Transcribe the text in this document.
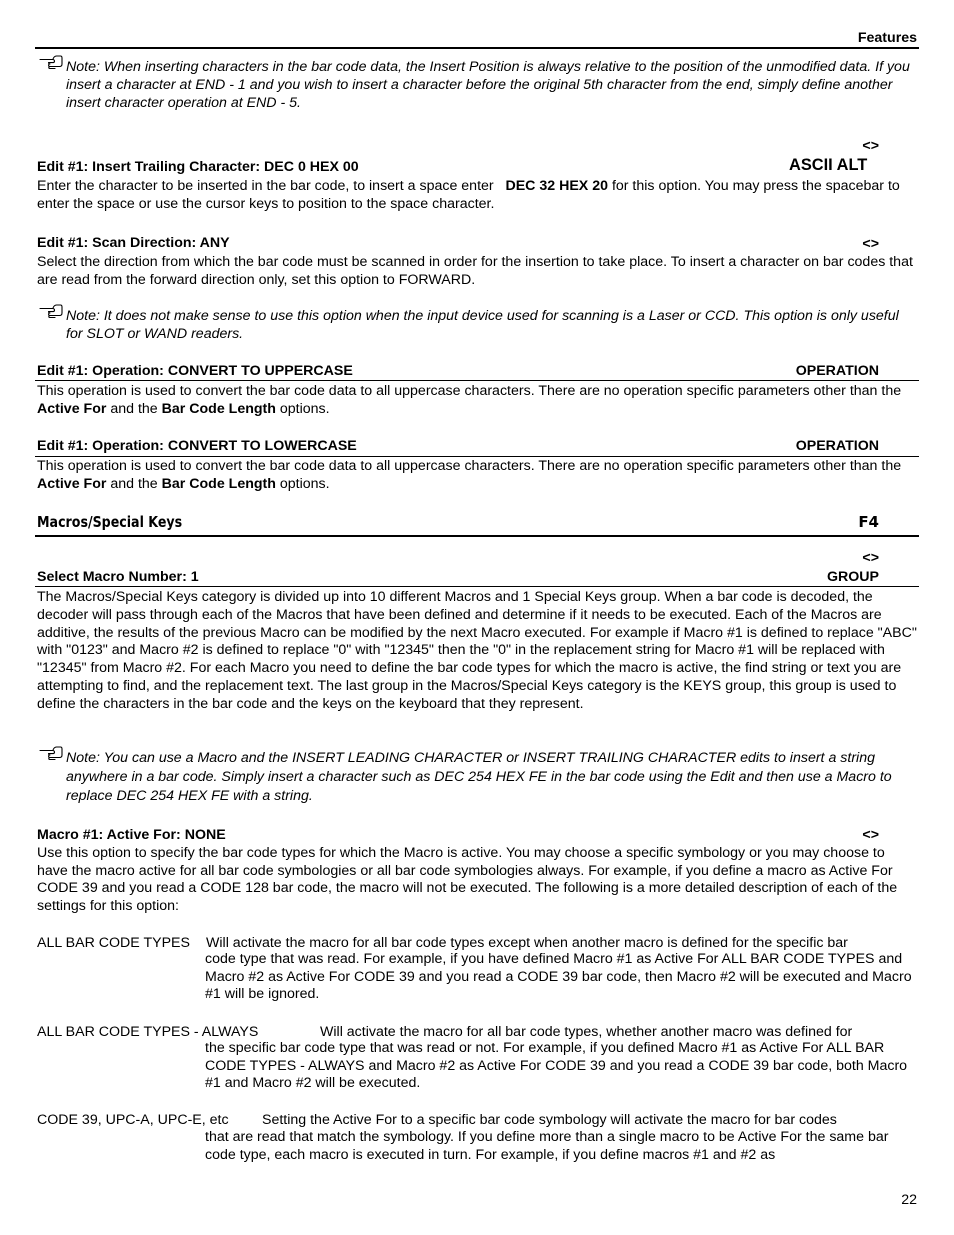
Features
Note: When inserting characters in the bar code data, the Insert Position is always relative to the position of the unmodified data. If you insert a character at END - 1 and you wish to insert a character before the original 5th character from the end, simply define another insert character operation at END - 5.
<>
Edit #1: Insert Trailing Character: DEC 0 HEX 00	ASCII ALT
Enter the character to be inserted in the bar code, to insert a space enter DEC 32 HEX 20 for this option. You may press the spacebar to enter the space or use the cursor keys to position to the space character.
Edit #1: Scan Direction: ANY	<>
Select the direction from which the bar code must be scanned in order for the insertion to take place. To insert a character on bar codes that are read from the forward direction only, set this option to FORWARD.
Note: It does not make sense to use this option when the input device used for scanning is a Laser or CCD. This option is only useful for SLOT or WAND readers.
Edit #1: Operation: CONVERT TO UPPERCASE	OPERATION
This operation is used to convert the bar code data to all uppercase characters. There are no operation specific parameters other than the Active For and the Bar Code Length options.
Edit #1: Operation: CONVERT TO LOWERCASE	OPERATION
This operation is used to convert the bar code data to all uppercase characters. There are no operation specific parameters other than the Active For and the Bar Code Length options.
Macros/Special Keys	F4
<>
Select Macro Number: 1	GROUP
The Macros/Special Keys category is divided up into 10 different Macros and 1 Special Keys group. When a bar code is decoded, the decoder will pass through each of the Macros that have been defined and determine if it needs to be executed. Each of the Macros are additive, the results of the previous Macro can be modified by the next Macro executed. For example if Macro #1 is defined to replace "ABC" with "0123" and Macro #2 is defined to replace "0" with "12345" then the "0" in the replacement string for Macro #1 will be replaced with "12345" from Macro #2. For each Macro you need to define the bar code types for which the macro is active, the find string or text you are attempting to find, and the replacement text. The last group in the Macros/Special Keys category is the KEYS group, this group is used to define the characters in the bar code and the keys on the keyboard that they represent.
Note: You can use a Macro and the INSERT LEADING CHARACTER or INSERT TRAILING CHARACTER edits to insert a string anywhere in a bar code. Simply insert a character such as DEC 254 HEX FE in the bar code using the Edit and then use a Macro to replace DEC 254 HEX FE with a string.
Macro #1: Active For: NONE	<>
Use this option to specify the bar code types for which the Macro is active. You may choose a specific symbology or you may choose to have the macro active for all bar code symbologies or all bar code symbologies always. For example, if you define a macro as Active For CODE 39 and you read a CODE 128 bar code, the macro will not be executed. The following is a more detailed description of each of the settings for this option:
ALL BAR CODE TYPES Will activate the macro for all bar code types except when another macro is defined for the specific bar
code type that was read. For example, if you have defined Macro #1 as Active For ALL BAR CODE TYPES and Macro #2 as Active For CODE 39 and you read a CODE 39 bar code, then Macro #2 will be executed and Macro #1 will be ignored.
ALL BAR CODE TYPES - ALWAYS	Will activate the macro for all bar code types, whether another macro was defined for
the specific bar code type that was read or not. For example, if you defined Macro #1 as Active For ALL BAR CODE TYPES - ALWAYS and Macro #2 as Active For CODE 39 and you read a CODE 39 bar code, both Macro #1 and Macro #2 will be executed.
CODE 39, UPC-A, UPC-E, etc Setting the Active For to a specific bar code symbology will activate the macro for bar codes
that are read that match the symbology. If you define more than a single macro to be Active For the same bar code type, each macro is executed in turn. For example, if you define macros #1 and #2 as
22
